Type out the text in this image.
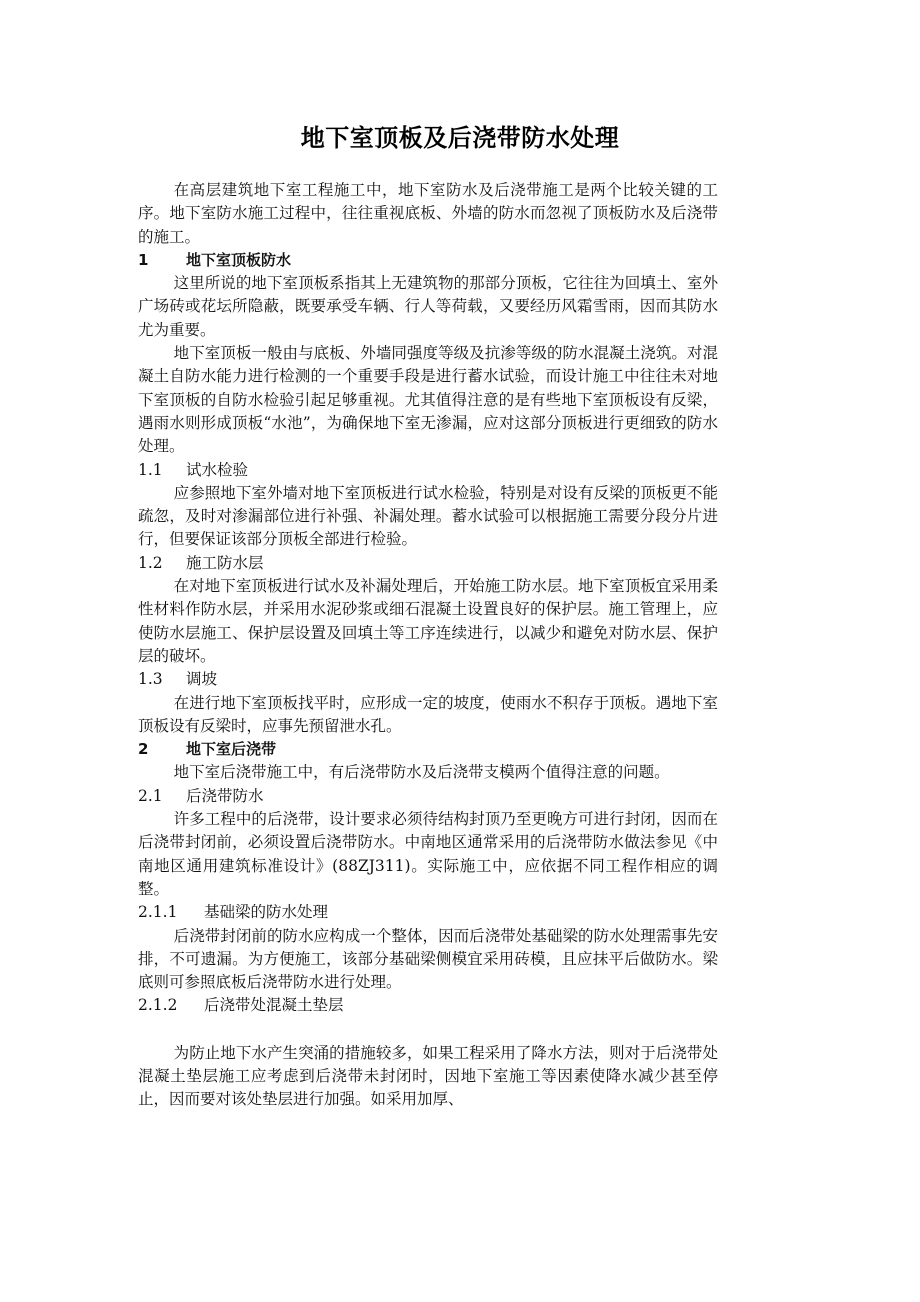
地下室顶板及后浇带防水处理

在高层建筑地下室工程施工中，地下室防水及后浇带施工是两个比较关键的工序。地下室防水施工过程中，往往重视底板、外墙的防水而忽视了顶板防水及后浇带的施工。

1	地下室顶板防水

这里所说的地下室顶板系指其上无建筑物的那部分顶板，它往往为回填土、室外广场砖或花坛所隐蔽，既要承受车辆、行人等荷载，又要经历风霜雪雨，因而其防水尤为重要。

地下室顶板一般由与底板、外墙同强度等级及抗渗等级的防水混凝土浇筑。对混凝土自防水能力进行检测的一个重要手段是进行蓄水试验，而设计施工中往往未对地下室顶板的自防水检验引起足够重视。尤其值得注意的是有些地下室顶板设有反梁，遇雨水则形成顶板“水池”，为确保地下室无渗漏，应对这部分顶板进行更细致的防水处理。

1.1 试水检验

应参照地下室外墙对地下室顶板进行试水检验，特别是对设有反梁的顶板更不能疏忽，及时对渗漏部位进行补强、补漏处理。蓄水试验可以根据施工需要分段分片进行，但要保证该部分顶板全部进行检验。

1.2 施工防水层

在对地下室顶板进行试水及补漏处理后，开始施工防水层。地下室顶板宜采用柔性材料作防水层，并采用水泥砂浆或细石混凝土设置良好的保护层。施工管理上，应使防水层施工、保护层设置及回填土等工序连续进行，以减少和避免对防水层、保护层的破坏。

1.3 调坡

在进行地下室顶板找平时，应形成一定的坡度，使雨水不积存于顶板。遇地下室顶板设有反梁时，应事先预留泄水孔。

2	地下室后浇带

地下室后浇带施工中，有后浇带防水及后浇带支模两个值得注意的问题。

2.1 后浇带防水

许多工程中的后浇带，设计要求必须待结构封顶乃至更晚方可进行封闭，因而在后浇带封闭前，必须设置后浇带防水。中南地区通常采用的后浇带防水做法参见《中南地区通用建筑标准设计》(88ZJ311)。实际施工中，应依据不同工程作相应的调整。

2.1.1 基础梁的防水处理

后浇带封闭前的防水应构成一个整体，因而后浇带处基础梁的防水处理需事先安排，不可遗漏。为方便施工，该部分基础梁侧模宜采用砖模，且应抹平后做防水。梁底则可参照底板后浇带防水进行处理。

2.1.2 后浇带处混凝土垫层

为防止地下水产生突涌的措施较多，如果工程采用了降水方法，则对于后浇带处混凝土垫层施工应考虑到后浇带未封闭时，因地下室施工等因素使降水减少甚至停止，因而要对该处垫层进行加强。如采用加厚、
